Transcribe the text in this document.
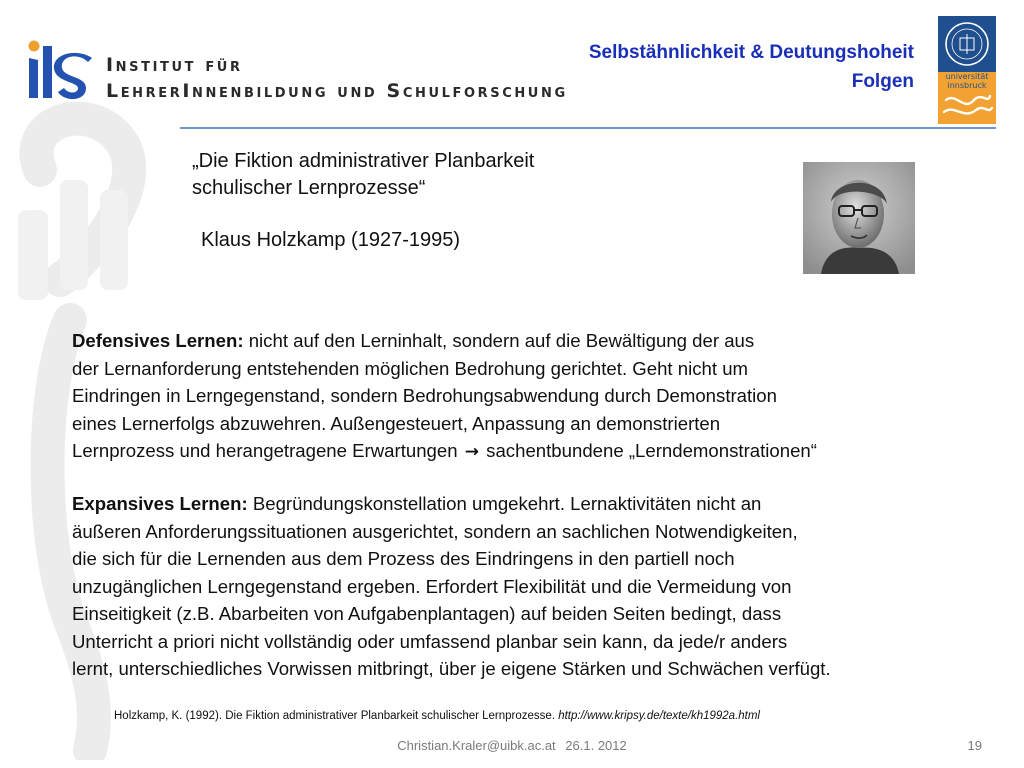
Institut für
LehrerInnenbildung und Schulforschung
Selbstähnlichkeit & Deutungshoheit
Folgen	universität
innsbruck
„Die Fiktion administrativer Planbarkeit
schulischer Lernprozesse“
Klaus Holzkamp (1927-1995)
Defensives Lernen: nicht auf den Lerninhalt, sondern auf die Bewältigung der aus
der Lernanforderung entstehenden möglichen Bedrohung gerichtet. Geht nicht um
Eindringen in Lerngegenstand, sondern Bedrohungsabwendung durch Demonstration
eines Lernerfolgs abzuwehren. Außengesteuert, Anpassung an demonstrierten
Lernprozess und herangetragene Erwartungen → sachentbundene „Lerndemonstrationen“
Expansives Lernen: Begründungskonstellation umgekehrt. Lernaktivitäten nicht an
äußeren Anforderungssituationen ausgerichtet, sondern an sachlichen Notwendigkeiten,
die sich für die Lernenden aus dem Prozess des Eindringens in den partiell noch
unzugänglichen Lerngegenstand ergeben. Erfordert Flexibilität und die Vermeidung von
Einseitigkeit (z.B. Abarbeiten von Aufgabenplantagen) auf beiden Seiten bedingt, dass
Unterricht a priori nicht vollständig oder umfassend planbar sein kann, da jede/r anders
lernt, unterschiedliches Vorwissen mitbringt, über je eigene Stärken und Schwächen verfügt.
Holzkamp, K. (1992). Die Fiktion administrativer Planbarkeit schulischer Lernprozesse. http://www.kripsy.de/texte/kh1992a.html
Christian.Kraler@uibk.ac.at 26.1. 2012	19
